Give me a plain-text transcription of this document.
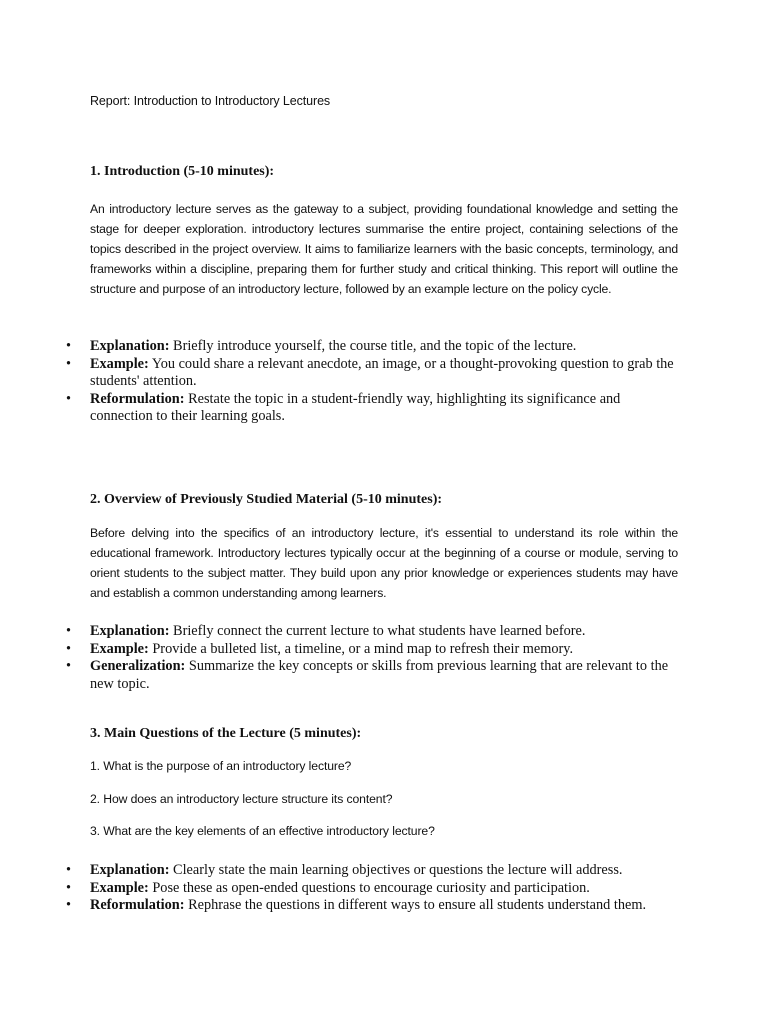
Report: Introduction to Introductory Lectures
1. Introduction (5-10 minutes):
An introductory lecture serves as the gateway to a subject, providing foundational knowledge and setting the stage for deeper exploration. introductory lectures summarise the entire project, containing selections of the topics described in the project overview. It aims to familiarize learners with the basic concepts, terminology, and frameworks within a discipline, preparing them for further study and critical thinking. This report will outline the structure and purpose of an introductory lecture, followed by an example lecture on the policy cycle.
• Explanation: Briefly introduce yourself, the course title, and the topic of the lecture.
• Example: You could share a relevant anecdote, an image, or a thought-provoking question to grab the students' attention.
• Reformulation: Restate the topic in a student-friendly way, highlighting its significance and connection to their learning goals.
2. Overview of Previously Studied Material (5-10 minutes):
Before delving into the specifics of an introductory lecture, it's essential to understand its role within the educational framework. Introductory lectures typically occur at the beginning of a course or module, serving to orient students to the subject matter. They build upon any prior knowledge or experiences students may have and establish a common understanding among learners.
• Explanation: Briefly connect the current lecture to what students have learned before.
• Example: Provide a bulleted list, a timeline, or a mind map to refresh their memory.
• Generalization: Summarize the key concepts or skills from previous learning that are relevant to the new topic.
3. Main Questions of the Lecture (5 minutes):
1. What is the purpose of an introductory lecture?
2. How does an introductory lecture structure its content?
3. What are the key elements of an effective introductory lecture?
• Explanation: Clearly state the main learning objectives or questions the lecture will address.
• Example: Pose these as open-ended questions to encourage curiosity and participation.
• Reformulation: Rephrase the questions in different ways to ensure all students understand them.
